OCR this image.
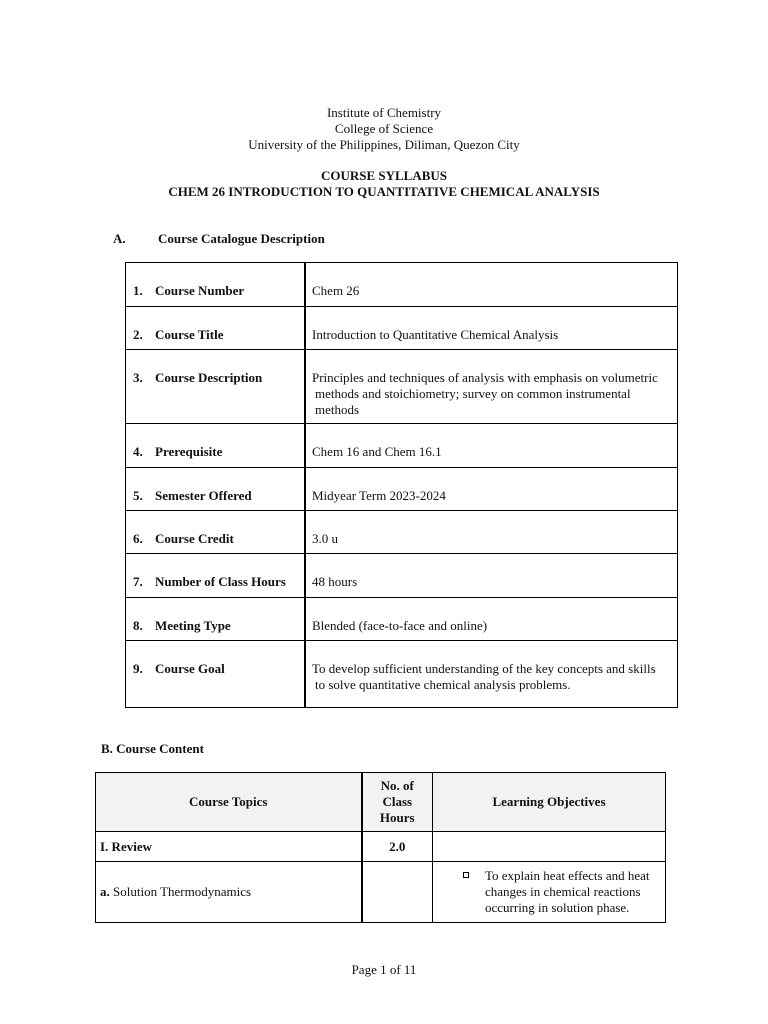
Institute of Chemistry
College of Science
University of the Philippines, Diliman, Quezon City
COURSE SYLLABUS
CHEM 26 INTRODUCTION TO QUANTITATIVE CHEMICAL ANALYSIS
A. Course Catalogue Description
1. Course Number	Chem 26

2. Course Title	Introduction to Quantitative Chemical Analysis

3. Course Description	Principles and techniques of analysis with emphasis on volumetric
methods and stoichiometry; survey on common instrumental
methods

4. Prerequisite	Chem 16 and Chem 16.1

5. Semester Offered	Midyear Term 2023-2024

6. Course Credit	3.0 u

7. Number of Class Hours	48 hours

8. Meeting Type	Blended (face-to-face and online)

9. Course Goal	To develop sufficient understanding of the key concepts and skills
to solve quantitative chemical analysis problems.
B. Course Content
Course Topics	No. of
Class
Hours	Learning Objectives
I. Review	2.0	
a. Solution Thermodynamics		To explain heat effects and heat
changes in chemical reactions
occurring in solution phase.
Page 1 of 11
